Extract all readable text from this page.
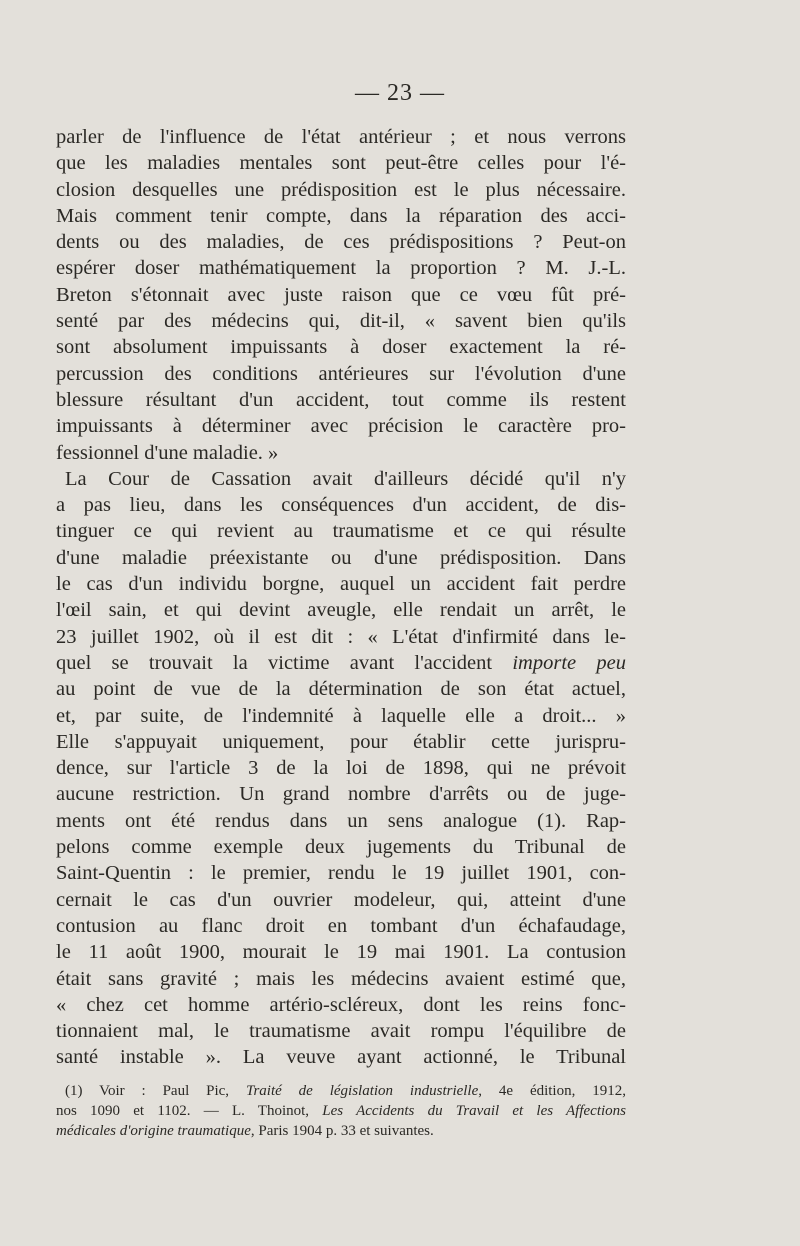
— 23 —
parler de l'influence de l'état antérieur ; et nous verrons
que les maladies mentales sont peut-être celles pour l'é-
closion desquelles une prédisposition est le plus nécessaire.
Mais comment tenir compte, dans la réparation des acci-
dents ou des maladies, de ces prédispositions ? Peut-on
espérer doser mathématiquement la proportion ? M. J.-L.
Breton s'étonnait avec juste raison que ce vœu fût pré-
senté par des médecins qui, dit-il, « savent bien qu'ils
sont absolument impuissants à doser exactement la ré-
percussion des conditions antérieures sur l'évolution d'une
blessure résultant d'un accident, tout comme ils restent
impuissants à déterminer avec précision le caractère pro-
fessionnel d'une maladie. »
La Cour de Cassation avait d'ailleurs décidé qu'il n'y
a pas lieu, dans les conséquences d'un accident, de dis-
tinguer ce qui revient au traumatisme et ce qui résulte
d'une maladie préexistante ou d'une prédisposition. Dans
le cas d'un individu borgne, auquel un accident fait perdre
l'œil sain, et qui devint aveugle, elle rendait un arrêt, le
23 juillet 1902, où il est dit : « L'état d'infirmité dans le-
quel se trouvait la victime avant l'accident importe peu
au point de vue de la détermination de son état actuel,
et, par suite, de l'indemnité à laquelle elle a droit... »
Elle s'appuyait uniquement, pour établir cette jurispru-
dence, sur l'article 3 de la loi de 1898, qui ne prévoit
aucune restriction. Un grand nombre d'arrêts ou de juge-
ments ont été rendus dans un sens analogue (1). Rap-
pelons comme exemple deux jugements du Tribunal de
Saint-Quentin : le premier, rendu le 19 juillet 1901, con-
cernait le cas d'un ouvrier modeleur, qui, atteint d'une
contusion au flanc droit en tombant d'un échafaudage,
le 11 août 1900, mourait le 19 mai 1901. La contusion
était sans gravité ; mais les médecins avaient estimé que,
« chez cet homme artério-scléreux, dont les reins fonc-
tionnaient mal, le traumatisme avait rompu l'équilibre de
santé instable ». La veuve ayant actionné, le Tribunal
(1) Voir : Paul Pic, Traité de législation industrielle, 4e édition, 1912,
nos 1090 et 1102. — L. Thoinot, Les Accidents du Travail et les Affections
médicales d'origine traumatique, Paris 1904 p. 33 et suivantes.
